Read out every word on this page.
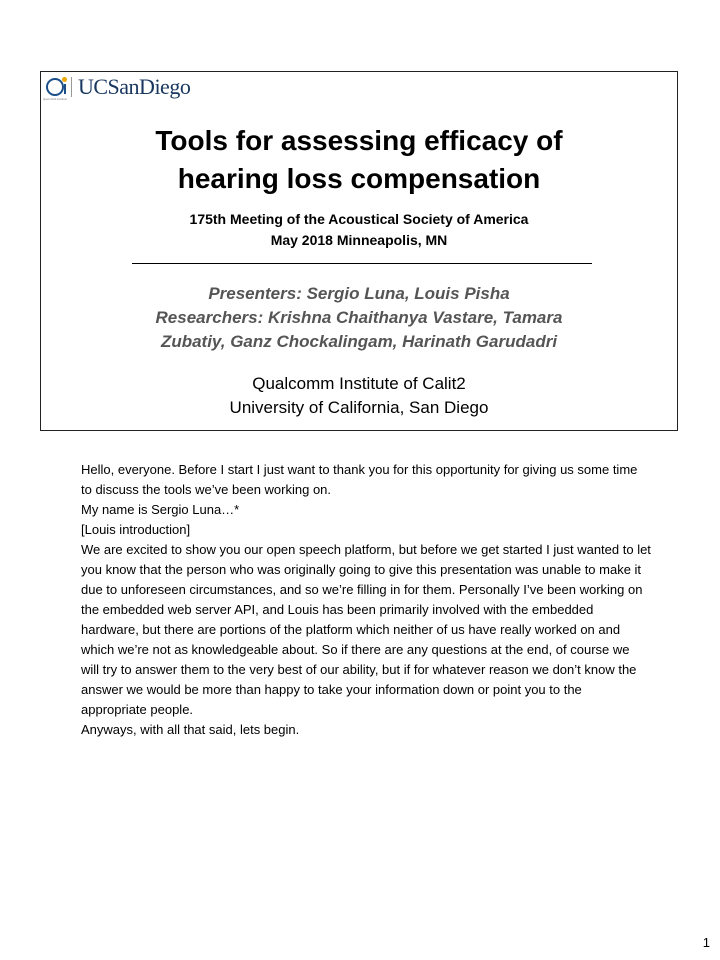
Qualcomm Institute UCSanDiego
Tools for assessing efficacy of
hearing loss compensation
175th Meeting of the Acoustical Society of America
May 2018 Minneapolis, MN
Presenters: Sergio Luna, Louis Pisha
Researchers: Krishna Chaithanya Vastare, Tamara
Zubatiy, Ganz Chockalingam, Harinath Garudadri
Qualcomm Institute of Calit2
University of California, San Diego

Hello, everyone. Before I start I just want to thank you for this opportunity for giving us some time to discuss the tools we’ve been working on.

My name is Sergio Luna…*

[Louis introduction]

We are excited to show you our open speech platform, but before we get started I just wanted to let you know that the person who was originally going to give this presentation was unable to make it due to unforeseen circumstances, and so we’re filling in for them. Personally I’ve been working on the embedded web server API, and Louis has been primarily involved with the embedded hardware, but there are portions of the platform which neither of us have really worked on and which we’re not as knowledgeable about. So if there are any questions at the end, of course we will try to answer them to the very best of our ability, but if for whatever reason we don’t know the answer we would be more than happy to take your information down or point you to the appropriate people.

Anyways, with all that said, lets begin.

1
